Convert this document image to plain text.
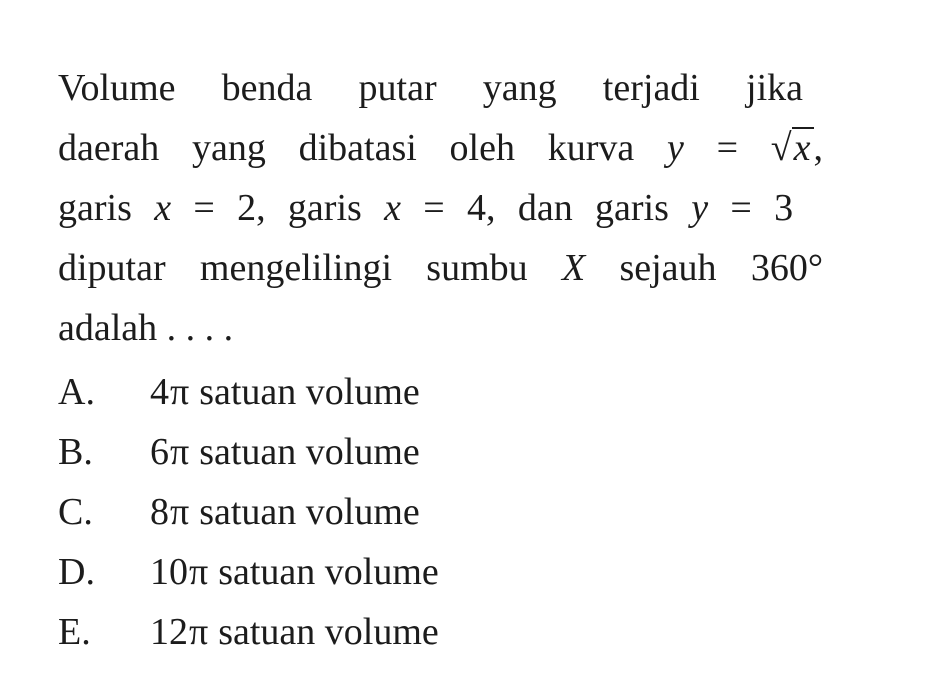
Volume benda putar yang terjadi jika
daerah yang dibatasi oleh kurva y = √x,
garis x = 2, garis x = 4, dan garis y = 3
diputar mengelilingi sumbu X sejauh 360°
adalah . . . .
A. 4π satuan volume
B. 6π satuan volume
C. 8π satuan volume
D. 10π satuan volume
E. 12π satuan volume
